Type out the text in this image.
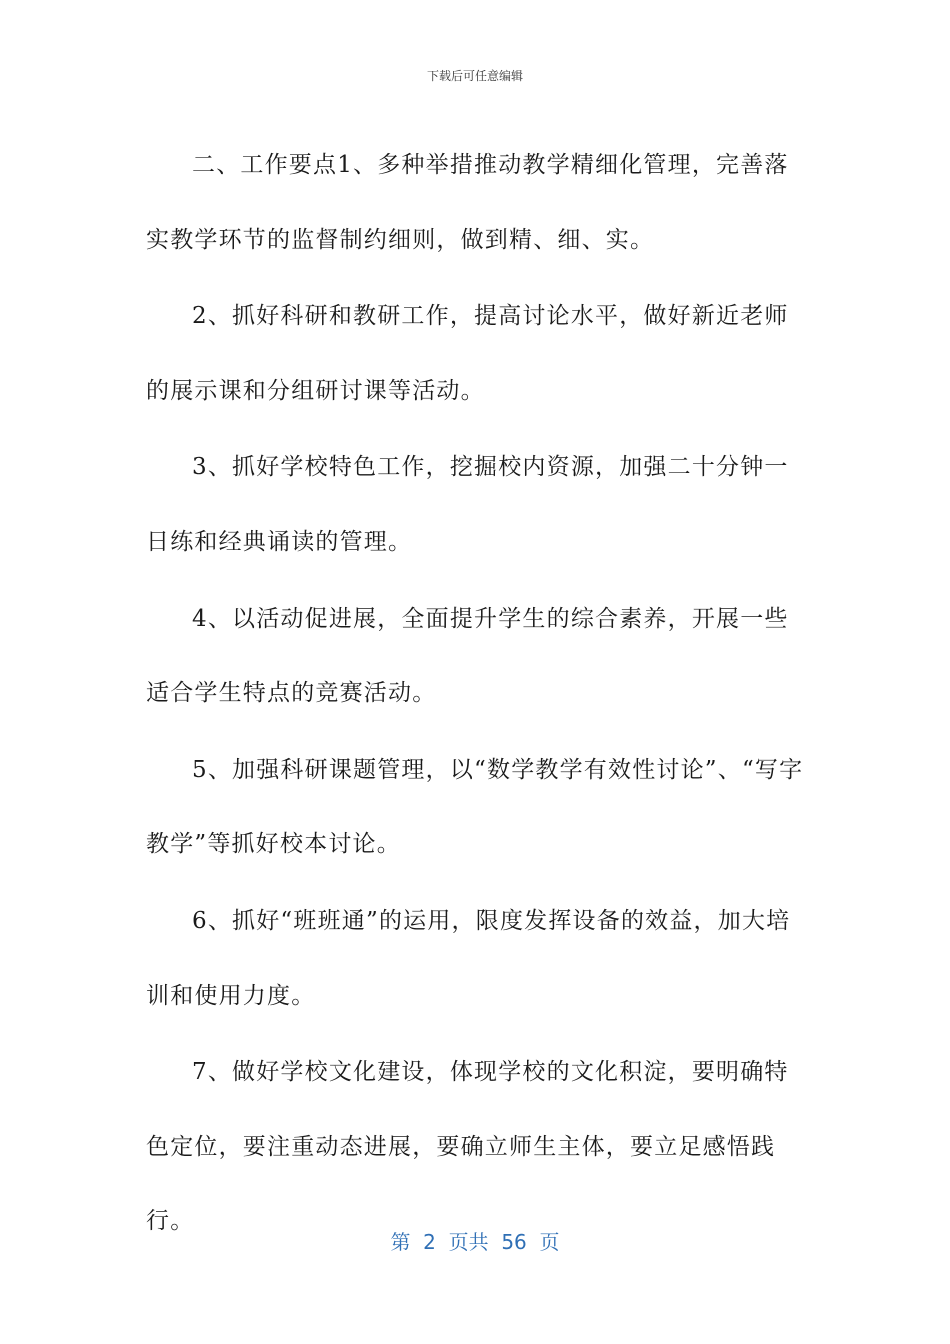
下载后可任意编辑

二、工作要点1、多种举措推动教学精细化管理，完善落实教学环节的监督制约细则，做到精、细、实。

2、抓好科研和教研工作，提高讨论水平，做好新近老师的展示课和分组研讨课等活动。

3、抓好学校特色工作，挖掘校内资源，加强二十分钟一日练和经典诵读的管理。

4、以活动促进展，全面提升学生的综合素养，开展一些适合学生特点的竞赛活动。

5、加强科研课题管理，以“数学教学有效性讨论”、“写字教学”等抓好校本讨论。

6、抓好“班班通”的运用，限度发挥设备的效益，加大培训和使用力度。

7、做好学校文化建设，体现学校的文化积淀，要明确特色定位，要注重动态进展，要确立师生主体，要立足感悟践行。

第  2  页共  56  页
